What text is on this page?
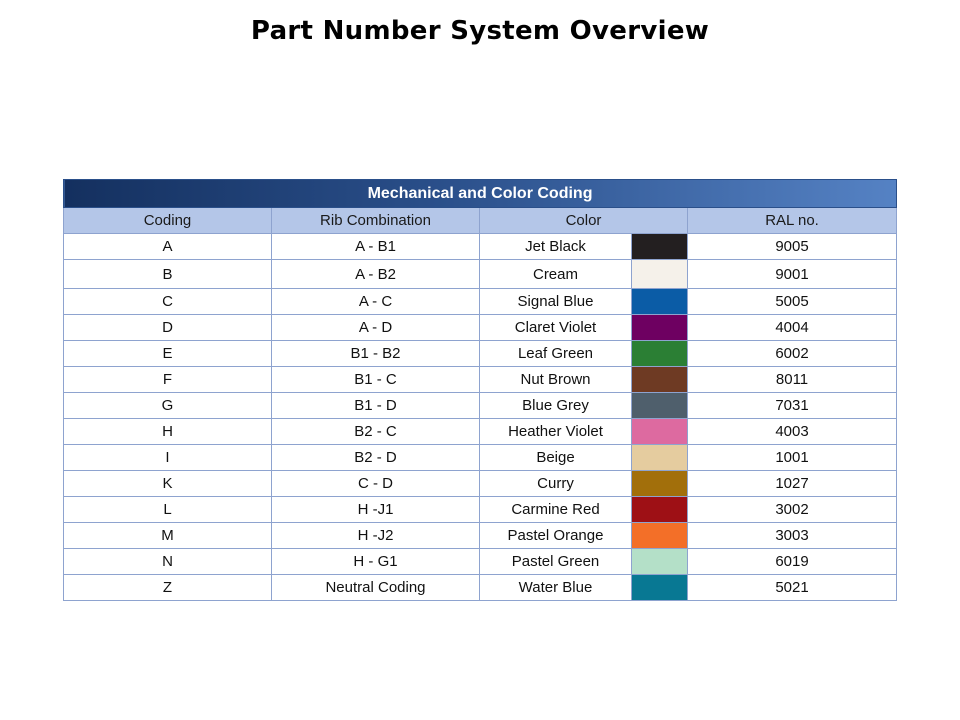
Part Number System Overview
Mechanical and Color Coding				
Coding	Rib Combination	Color		RAL no.
A	A - B1	Jet Black		9005
B	A - B2	Cream		9001
C	A - C	Signal Blue		5005
D	A - D	Claret Violet		4004
E	B1 - B2	Leaf Green		6002
F	B1 - C	Nut Brown		8011
G	B1 - D	Blue Grey		7031
H	B2 - C	Heather Violet		4003
I	B2 - D	Beige		1001
K	C - D	Curry		1027
L	H -J1	Carmine Red		3002
M	H -J2	Pastel Orange		3003
N	H - G1	Pastel Green		6019
Z	Neutral Coding	Water Blue		5021
